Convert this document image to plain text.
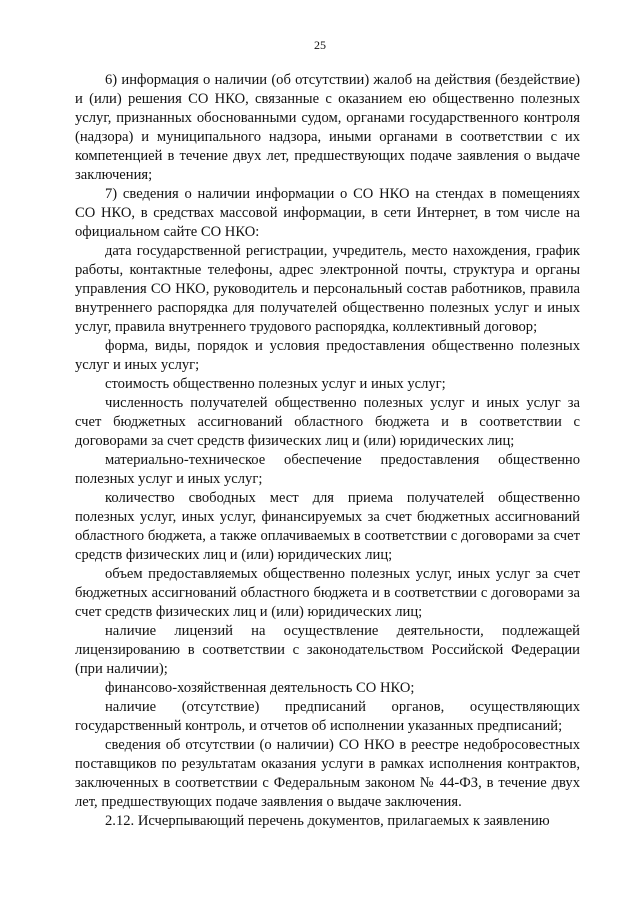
25

6) информация о наличии (об отсутствии) жалоб на действия (бездействие) и (или) решения СО НКО, связанные с оказанием ею общественно полезных услуг, признанных обоснованными судом, органами государственного контроля (надзора) и муниципального надзора, иными органами в соответствии с их компетенцией в течение двух лет, предшествующих подаче заявления о выдаче заключения;

7) сведения о наличии информации о СО НКО на стендах в помещениях СО НКО, в средствах массовой информации, в сети Интернет, в том числе на официальном сайте СО НКО:

дата государственной регистрации, учредитель, место нахождения, график работы, контактные телефоны, адрес электронной почты, структура и органы управления СО НКО, руководитель и персональный состав работников, правила внутреннего распорядка для получателей общественно полезных услуг и иных услуг, правила внутреннего трудового распорядка, коллективный договор;

форма, виды, порядок и условия предоставления общественно полезных услуг и иных услуг;

стоимость общественно полезных услуг и иных услуг;

численность получателей общественно полезных услуг и иных услуг за счет бюджетных ассигнований областного бюджета и в соответствии с договорами за счет средств физических лиц и (или) юридических лиц;

материально-техническое обеспечение предоставления общественно полезных услуг и иных услуг;

количество свободных мест для приема получателей общественно полезных услуг, иных услуг, финансируемых за счет бюджетных ассигнований областного бюджета, а также оплачиваемых в соответствии с договорами за счет средств физических лиц и (или) юридических лиц;

объем предоставляемых общественно полезных услуг, иных услуг за счет бюджетных ассигнований областного бюджета и в соответствии с договорами за счет средств физических лиц и (или) юридических лиц;

наличие лицензий на осуществление деятельности, подлежащей лицензированию в соответствии с законодательством Российской Федерации (при наличии);

финансово-хозяйственная деятельность СО НКО;

наличие (отсутствие) предписаний органов, осуществляющих государственный контроль, и отчетов об исполнении указанных предписаний;

сведения об отсутствии (о наличии) СО НКО в реестре недобросовестных поставщиков по результатам оказания услуги в рамках исполнения контрактов, заключенных в соответствии с Федеральным законом № 44-ФЗ, в течение двух лет, предшествующих подаче заявления о выдаче заключения.

2.12. Исчерпывающий перечень документов, прилагаемых к заявлению
